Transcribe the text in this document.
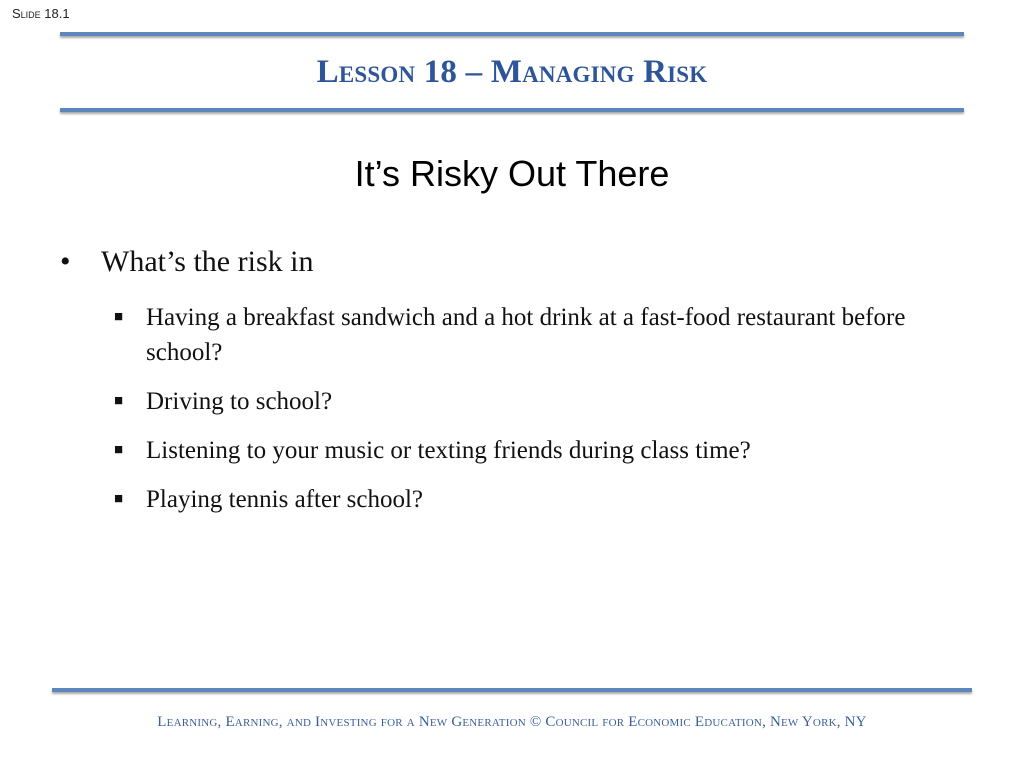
Slide 18.1
Lesson 18 – Managing Risk
It’s Risky Out There
• What’s the risk in
■ Having a breakfast sandwich and a hot drink at a fast-food restaurant before school?
■ Driving to school?
■ Listening to your music or texting friends during class time?
■ Playing tennis after school?
Learning, Earning, and Investing for a New Generation © Council for Economic Education, New York, NY
